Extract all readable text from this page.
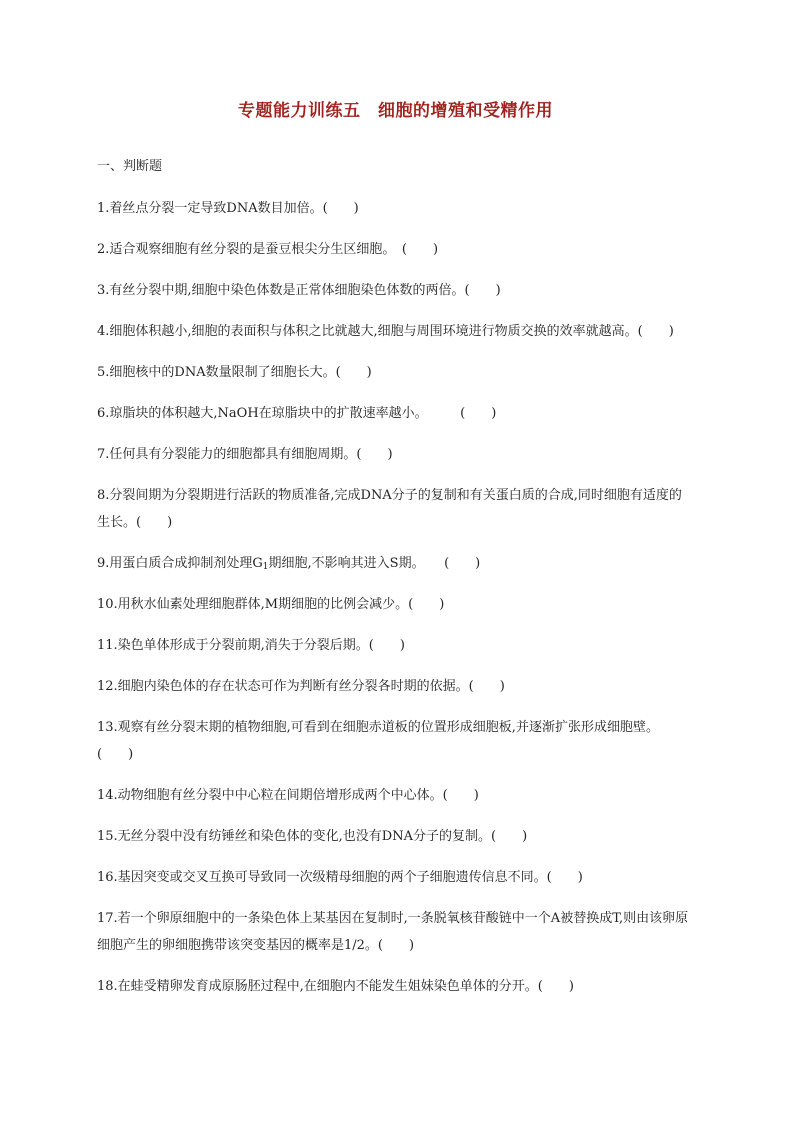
专题能力训练五　细胞的增殖和受精作用
一、判断题

1.着丝点分裂一定导致DNA数目加倍。(　　)

2.适合观察细胞有丝分裂的是蚕豆根尖分生区细胞。　(　　)

3.有丝分裂中期,细胞中染色体数是正常体细胞染色体数的两倍。(　　)

4.细胞体积越小,细胞的表面积与体积之比就越大,细胞与周围环境进行物质交换的效率就越高。(　　)

5.细胞核中的DNA数量限制了细胞长大。(　　)

6.琼脂块的体积越大,NaOH在琼脂块中的扩散速率越小。　　　(　　)

7.任何具有分裂能力的细胞都具有细胞周期。(　　)

8.分裂间期为分裂期进行活跃的物质准备,完成DNA分子的复制和有关蛋白质的合成,同时细胞有适度的生长。(　　)

9.用蛋白质合成抑制剂处理$G_1$期细胞,不影响其进入S期。　　(　　)

10.用秋水仙素处理细胞群体,M期细胞的比例会减少。(　　)

11.染色单体形成于分裂前期,消失于分裂后期。(　　)

12.细胞内染色体的存在状态可作为判断有丝分裂各时期的依据。(　　)

13.观察有丝分裂末期的植物细胞,可看到在细胞赤道板的位置形成细胞板,并逐渐扩张形成细胞壁。(　　)

14.动物细胞有丝分裂中中心粒在间期倍增形成两个中心体。(　　)

15.无丝分裂中没有纺锤丝和染色体的变化,也没有DNA分子的复制。(　　)

16.基因突变或交叉互换可导致同一次级精母细胞的两个子细胞遗传信息不同。(　　)

17.若一个卵原细胞中的一条染色体上某基因在复制时,一条脱氧核苷酸链中一个A被替换成T,则由该卵原细胞产生的卵细胞携带该突变基因的概率是1/2。(　　)

18.在蛙受精卵发育成原肠胚过程中,在细胞内不能发生姐妹染色单体的分开。(　　)
